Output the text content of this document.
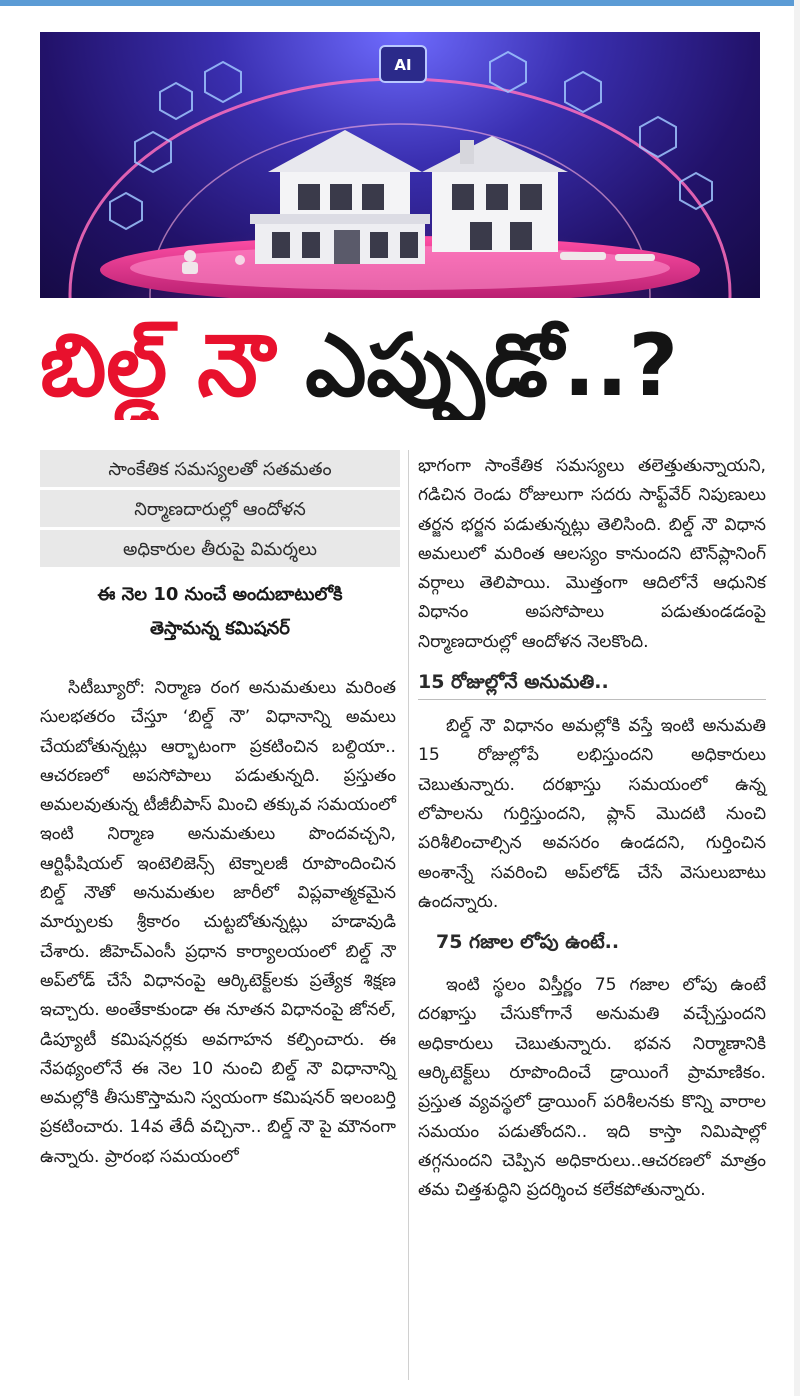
AI
బిల్డ్ నౌ ఎప్పుడో..?
సాంకేతిక సమస్యలతో సతమతం
నిర్మాణదారుల్లో ఆందోళన
అధికారుల తీరుపై విమర్శలు
ఈ నెల 10 నుంచే అందుబాటులోకి
తెస్తామన్న కమిషనర్

సిటీబ్యూరో: నిర్మాణ రంగ అనుమతులు మరింత సులభతరం చేస్తూ ‘బిల్డ్ నౌ’ విధానాన్ని అమలు చేయబోతున్నట్లు ఆర్భాటంగా ప్రకటించిన బల్దియా.. ఆచరణలో అపసోపాలు పడుతున్నది. ప్రస్తుతం అమలవుతున్న టీజీబీపాస్ మించి తక్కువ సమయంలో ఇంటి నిర్మాణ అనుమతులు పొందవచ్చని, ఆర్టిఫీషియల్ ఇంటెలిజెన్స్ టెక్నాలజీ రూపొందించిన బిల్డ్ నౌతో అనుమతుల జారీలో విప్లవాత్మకమైన మార్పులకు శ్రీకారం చుట్టబోతున్నట్లు హడావుడి చేశారు. జీహెచ్ఎంసీ ప్రధాన కార్యాలయంలో బిల్డ్ నౌ అప్‌లోడ్ చేసే విధానంపై ఆర్కిటెక్ట్‌లకు ప్రత్యేక శిక్షణ ఇచ్చారు. అంతేకాకుండా ఈ నూతన విధానంపై జోనల్, డిప్యూటీ కమిషనర్లకు అవగాహన కల్పించారు. ఈ నేపథ్యంలోనే ఈ నెల 10 నుంచి బిల్డ్ నౌ విధానాన్ని అమల్లోకి తీసుకొస్తామని స్వయంగా కమిషనర్ ఇలంబర్తి ప్రకటించారు. 14వ తేదీ వచ్చినా.. బిల్డ్ నౌ పై మౌనంగా ఉన్నారు. ప్రారంభ సమయంలో

భాగంగా సాంకేతిక సమస్యలు తలెత్తుతున్నాయని, గడిచిన రెండు రోజులుగా సదరు సాఫ్ట్‌వేర్ నిపుణులు తర్జన భర్జన పడుతున్నట్లు తెలిసింది. బిల్డ్ నౌ విధాన అమలులో మరింత ఆలస్యం కానుందని టౌన్‌ప్లానింగ్ వర్గాలు తెలిపాయి. మొత్తంగా ఆదిలోనే ఆధునిక విధానం అపసోపాలు పడుతుండడంపై నిర్మాణదారుల్లో ఆందోళన నెలకొంది.

15 రోజుల్లోనే అనుమతి..

బిల్డ్ నౌ విధానం అమల్లోకి వస్తే ఇంటి అనుమతి 15 రోజుల్లోపే లభిస్తుందని అధికారులు చెబుతున్నారు. దరఖాస్తు సమయంలో ఉన్న లోపాలను గుర్తిస్తుందని, ప్లాన్ మొదటి నుంచి పరిశీలించాల్సిన అవసరం ఉండదని, గుర్తించిన అంశాన్నే సవరించి అప్‌లోడ్ చేసే వెసులుబాటు ఉందన్నారు.

75 గజాల లోపు ఉంటే..

ఇంటి స్థలం విస్తీర్ణం 75 గజాల లోపు ఉంటే దరఖాస్తు చేసుకోగానే అనుమతి వచ్చేస్తుందని అధికారులు చెబుతున్నారు. భవన నిర్మాణానికి ఆర్కిటెక్ట్‌లు రూపొందించే డ్రాయింగే ప్రామాణికం. ప్రస్తుత వ్యవస్థలో డ్రాయింగ్ పరిశీలనకు కొన్ని వారాల సమయం పడుతోందని.. ఇది కాస్తా నిమిషాల్లో తగ్గనుందని చెప్పిన అధికారులు..ఆచరణలో మాత్రం తమ చిత్తశుద్ధిని ప్రదర్శించ కలేకపోతున్నారు.
